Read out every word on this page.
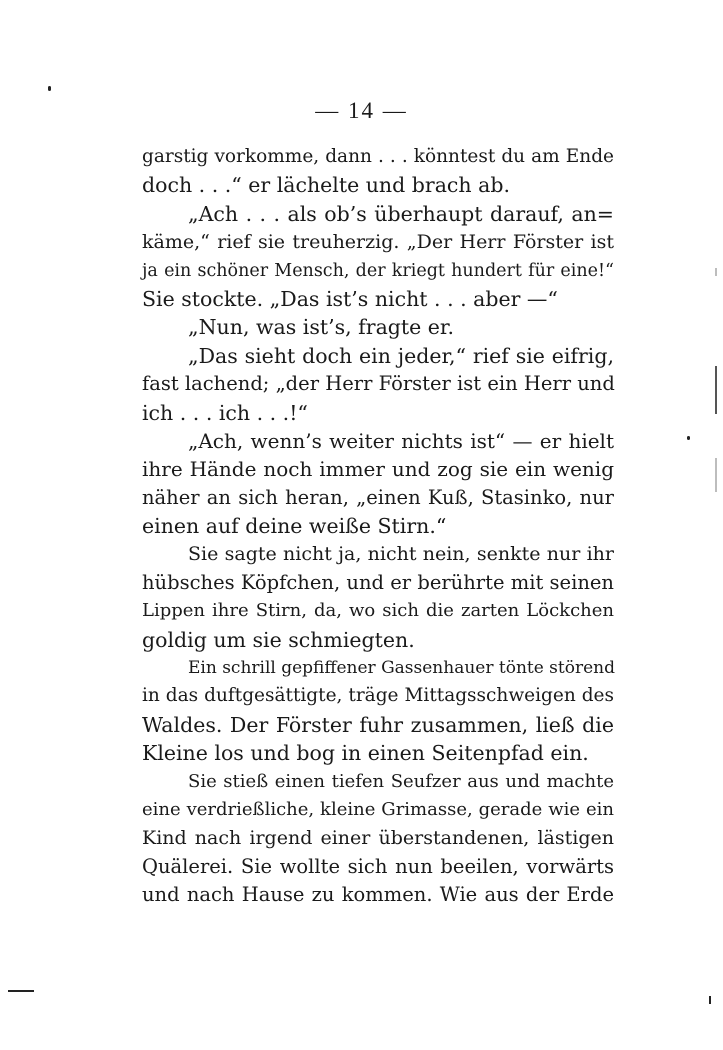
— 14 —
garstig vorkomme, dann . . . könntest du am Ende
doch . . .“ er lächelte und brach ab.
„Ach . . . als ob’s überhaupt darauf, an=
käme,“ rief sie treuherzig. „Der Herr Förster ist
ja ein schöner Mensch, der kriegt hundert für eine!“
Sie stockte. „Das ist’s nicht . . . aber —“
„Nun, was ist’s, fragte er.
„Das sieht doch ein jeder,“ rief sie eifrig,
fast lachend; „der Herr Förster ist ein Herr und
ich . . . ich . . .!“
„Ach, wenn’s weiter nichts ist“ — er hielt
ihre Hände noch immer und zog sie ein wenig
näher an sich heran, „einen Kuß, Stasinko, nur
einen auf deine weiße Stirn.“
Sie sagte nicht ja, nicht nein, senkte nur ihr
hübsches Köpfchen, und er berührte mit seinen
Lippen ihre Stirn, da, wo sich die zarten Löckchen
goldig um sie schmiegten.
Ein schrill gepfiffener Gassenhauer tönte störend
in das duftgesättigte, träge Mittagsschweigen des
Waldes. Der Förster fuhr zusammen, ließ die
Kleine los und bog in einen Seitenpfad ein.
Sie stieß einen tiefen Seufzer aus und machte
eine verdrießliche, kleine Grimasse, gerade wie ein
Kind nach irgend einer überstandenen, lästigen
Quälerei. Sie wollte sich nun beeilen, vorwärts
und nach Hause zu kommen. Wie aus der Erde
